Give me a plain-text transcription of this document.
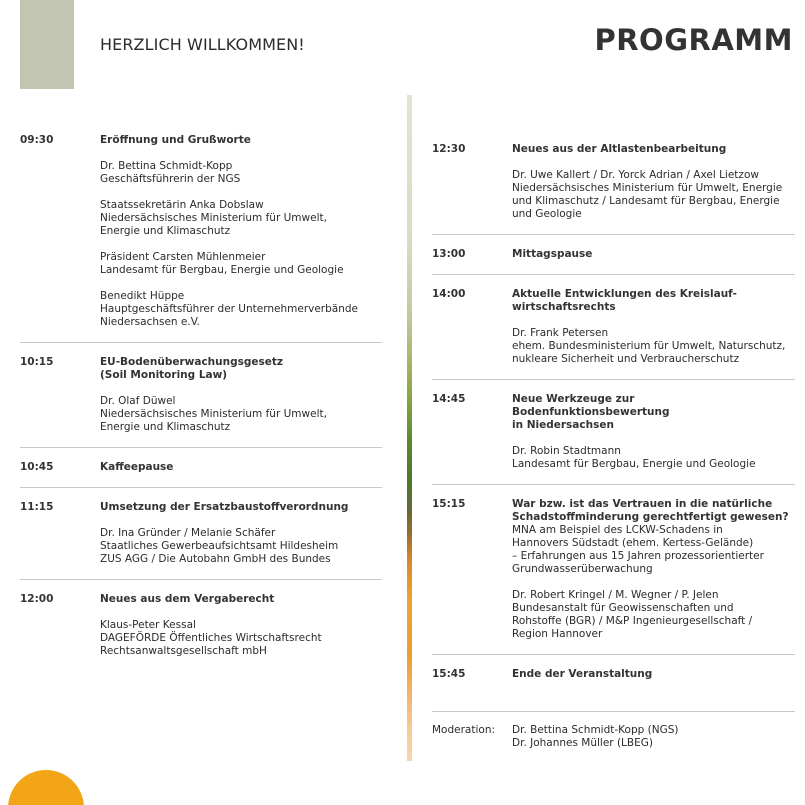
HERZLICH WILLKOMMEN!	PROGRAMM
09:30	Eröffnung und Grußworte
Dr. Bettina Schmidt-Kopp
Geschäftsführerin der NGS
Staatssekretärin Anka Dobslaw
Niedersächsisches Ministerium für Umwelt,
Energie und Klimaschutz
Präsident Carsten Mühlenmeier
Landesamt für Bergbau, Energie und Geologie
Benedikt Hüppe
Hauptgeschäftsführer der Unternehmerverbände
Niedersachsen e.V.
10:15	EU-Bodenüberwachungsgesetz
(Soil Monitoring Law)
Dr. Olaf Düwel
Niedersächsisches Ministerium für Umwelt,
Energie und Klimaschutz
10:45	Kaffeepause
11:15	Umsetzung der Ersatzbaustoffverordnung
Dr. Ina Gründer / Melanie Schäfer
Staatliches Gewerbeaufsichtsamt Hildesheim
ZUS AGG / Die Autobahn GmbH des Bundes
12:00	Neues aus dem Vergaberecht
Klaus-Peter Kessal
DAGEFÖRDE Öffentliches Wirtschaftsrecht
Rechtsanwaltsgesellschaft mbH
12:30	Neues aus der Altlastenbearbeitung
Dr. Uwe Kallert / Dr. Yorck Adrian / Axel Lietzow
Niedersächsisches Ministerium für Umwelt, Energie
und Klimaschutz / Landesamt für Bergbau, Energie
und Geologie
13:00	Mittagspause
14:00	Aktuelle Entwicklungen des Kreislauf-
wirtschaftsrechts
Dr. Frank Petersen
ehem. Bundesministerium für Umwelt, Naturschutz,
nukleare Sicherheit und Verbraucherschutz
14:45	Neue Werkzeuge zur Bodenfunktionsbewertung
in Niedersachsen
Dr. Robin Stadtmann
Landesamt für Bergbau, Energie und Geologie
15:15	War bzw. ist das Vertrauen in die natürliche
Schadstoffminderung gerechtfertigt gewesen?
MNA am Beispiel des LCKW-Schadens in
Hannovers Südstadt (ehem. Kertess-Gelände)
– Erfahrungen aus 15 Jahren prozessorientierter
Grundwasserüberwachung
Dr. Robert Kringel / M. Wegner / P. Jelen
Bundesanstalt für Geowissenschaften und
Rohstoffe (BGR) / M&P Ingenieurgesellschaft /
Region Hannover
15:45	Ende der Veranstaltung
Moderation:	Dr. Bettina Schmidt-Kopp (NGS)
Dr. Johannes Müller (LBEG)
